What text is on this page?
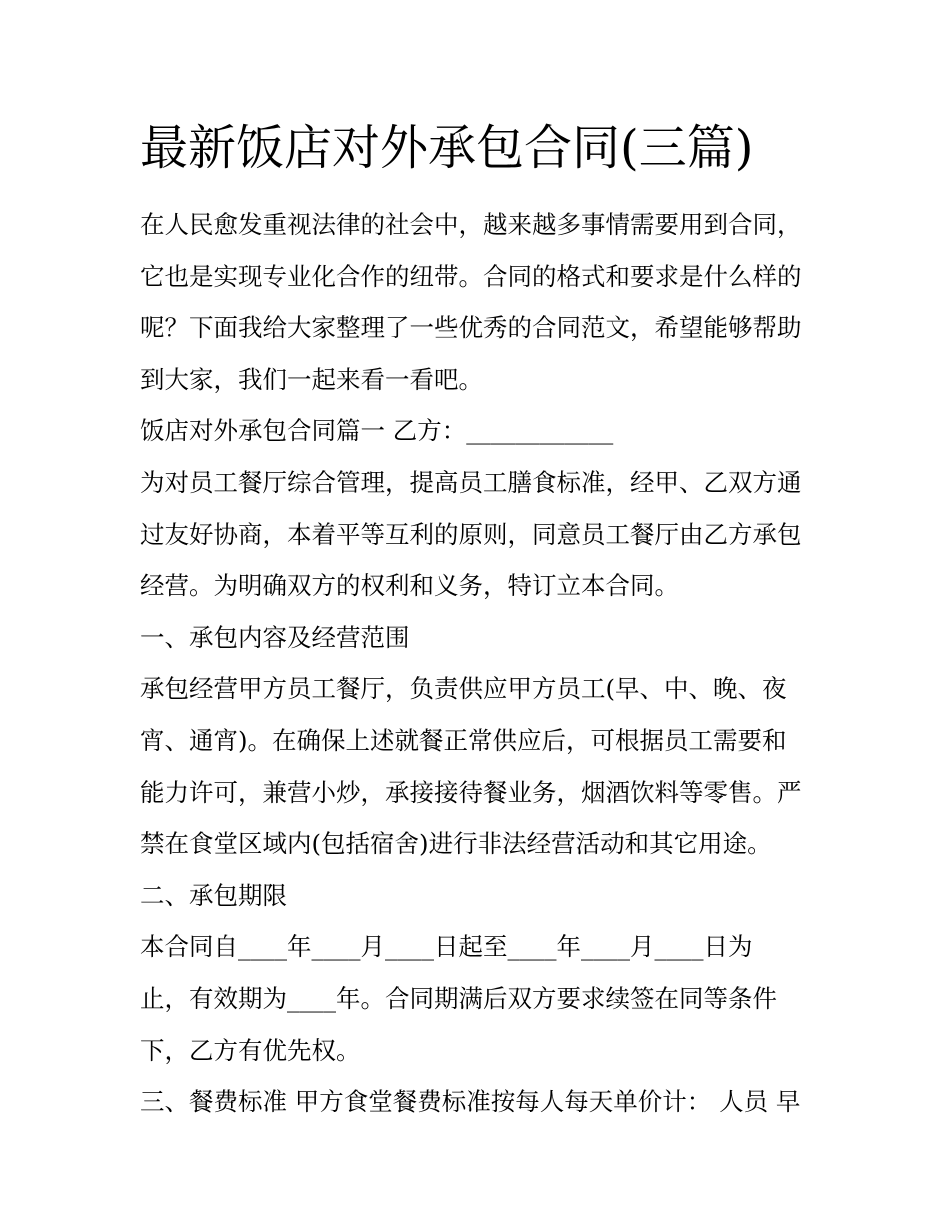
最新饭店对外承包合同(三篇)
在人民愈发重视法律的社会中，越来越多事情需要用到合同，
它也是实现专业化合作的纽带。合同的格式和要求是什么样的
呢？下面我给大家整理了一些优秀的合同范文，希望能够帮助
到大家，我们一起来看一看吧。
饭店对外承包合同篇一 乙方：____________
为对员工餐厅综合管理，提高员工膳食标准，经甲、乙双方通
过友好协商，本着平等互利的原则，同意员工餐厅由乙方承包
经营。为明确双方的权利和义务，特订立本合同。
一、承包内容及经营范围
承包经营甲方员工餐厅，负责供应甲方员工(早、中、晚、夜
宵、通宵)。在确保上述就餐正常供应后，可根据员工需要和
能力许可，兼营小炒，承接接待餐业务，烟酒饮料等零售。严
禁在食堂区域内(包括宿舍)进行非法经营活动和其它用途。
二、承包期限
本合同自____年____月____日起至____年____月____日为
止，有效期为____年。合同期满后双方要求续签在同等条件
下，乙方有优先权。
三、餐费标准 甲方食堂餐费标准按每人每天单价计： 人员 早
